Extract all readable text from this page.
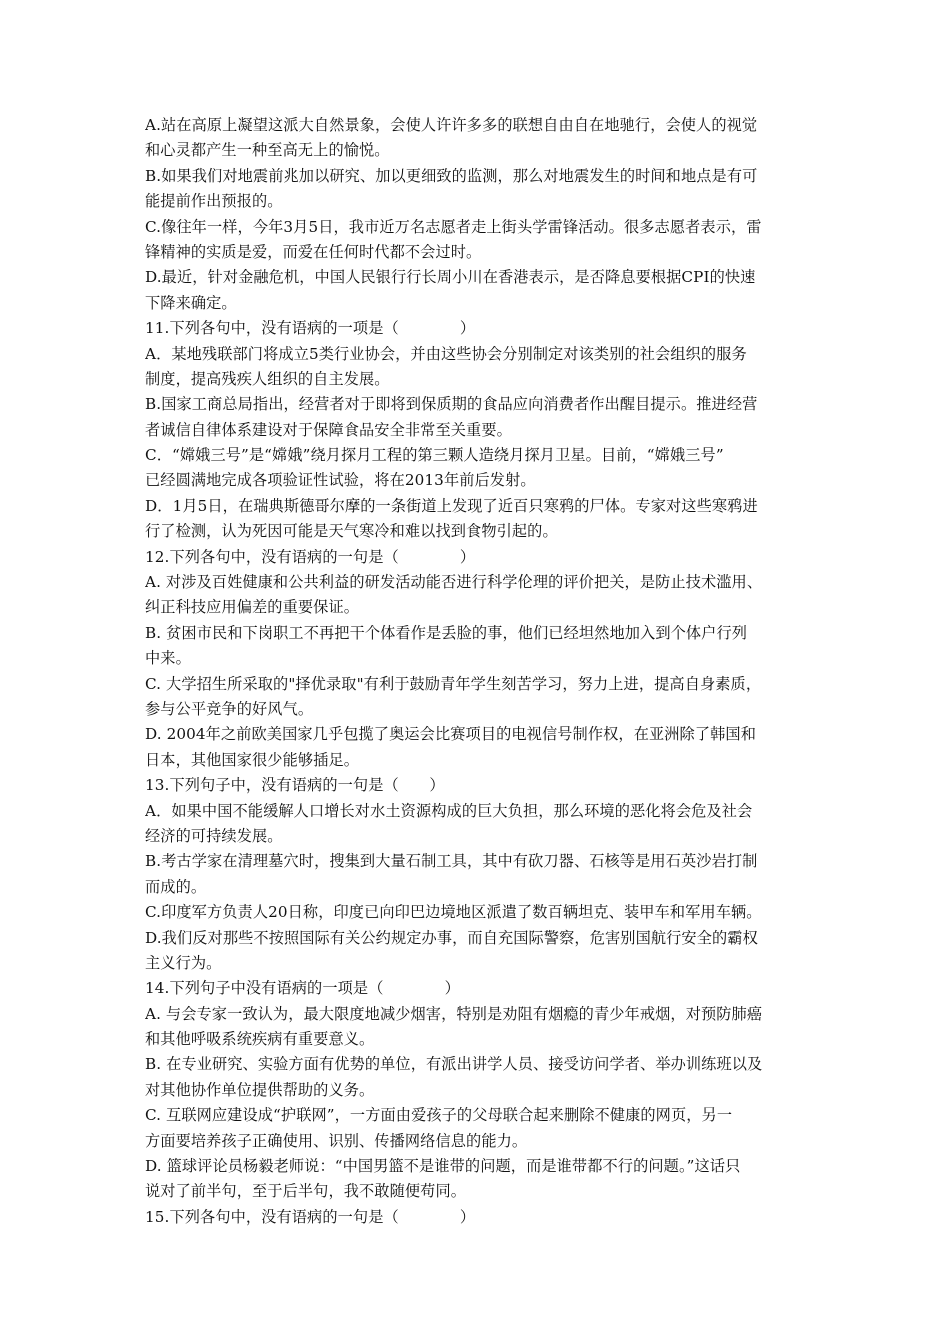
A.站在高原上凝望这派大自然景象，会使人许许多多的联想自由自在地驰行，会使人的视觉
和心灵都产生一种至高无上的愉悦。
B.如果我们对地震前兆加以研究、加以更细致的监测，那么对地震发生的时间和地点是有可
能提前作出预报的。
C.像往年一样，今年3月5日，我市近万名志愿者走上街头学雷锋活动。很多志愿者表示，雷
锋精神的实质是爱，而爱在任何时代都不会过时。
D.最近，针对金融危机，中国人民银行行长周小川在香港表示，是否降息要根据CPI的快速
下降来确定。
11.下列各句中，没有语病的一项是（　　　　）
A．某地残联部门将成立5类行业协会，并由这些协会分别制定对该类别的社会组织的服务
制度，提高残疾人组织的自主发展。
B.国家工商总局指出，经营者对于即将到保质期的食品应向消费者作出醒目提示。推进经营
者诚信自律体系建设对于保障食品安全非常至关重要。
C．“嫦娥三号”是“嫦娥”绕月探月工程的第三颗人造绕月探月卫星。目前，“嫦娥三号”
已经圆满地完成各项验证性试验，将在2013年前后发射。
D．1月5日，在瑞典斯德哥尔摩的一条街道上发现了近百只寒鸦的尸体。专家对这些寒鸦进
行了检测，认为死因可能是天气寒冷和难以找到食物引起的。
12.下列各句中，没有语病的一句是（　　　　）
A. 对涉及百姓健康和公共利益的研发活动能否进行科学伦理的评价把关，是防止技术滥用、
纠正科技应用偏差的重要保证。
B. 贫困市民和下岗职工不再把干个体看作是丢脸的事，他们已经坦然地加入到个体户行列
中来。
C. 大学招生所采取的"择优录取"有利于鼓励青年学生刻苦学习，努力上进，提高自身素质，
参与公平竞争的好风气。
D. 2004年之前欧美国家几乎包揽了奥运会比赛项目的电视信号制作权，在亚洲除了韩国和
日本，其他国家很少能够插足。
13.下列句子中，没有语病的一句是（　　）
A．如果中国不能缓解人口增长对水土资源构成的巨大负担，那么环境的恶化将会危及社会
经济的可持续发展。
B.考古学家在清理墓穴时，搜集到大量石制工具，其中有砍刀器、石核等是用石英沙岩打制
而成的。
C.印度军方负责人20日称，印度已向印巴边境地区派遣了数百辆坦克、装甲车和军用车辆。
D.我们反对那些不按照国际有关公约规定办事，而自充国际警察，危害别国航行安全的霸权
主义行为。
14.下列句子中没有语病的一项是（　　　　）
A. 与会专家一致认为，最大限度地减少烟害，特别是劝阻有烟瘾的青少年戒烟，对预防肺癌
和其他呼吸系统疾病有重要意义。
B. 在专业研究、实验方面有优势的单位，有派出讲学人员、接受访问学者、举办训练班以及
对其他协作单位提供帮助的义务。
C. 互联网应建设成“护联网”，一方面由爱孩子的父母联合起来删除不健康的网页，另一
方面要培养孩子正确使用、识别、传播网络信息的能力。
D. 篮球评论员杨毅老师说：“中国男篮不是谁带的问题，而是谁带都不行的问题。”这话只
说对了前半句，至于后半句，我不敢随便苟同。
15.下列各句中，没有语病的一句是（　　　　）
